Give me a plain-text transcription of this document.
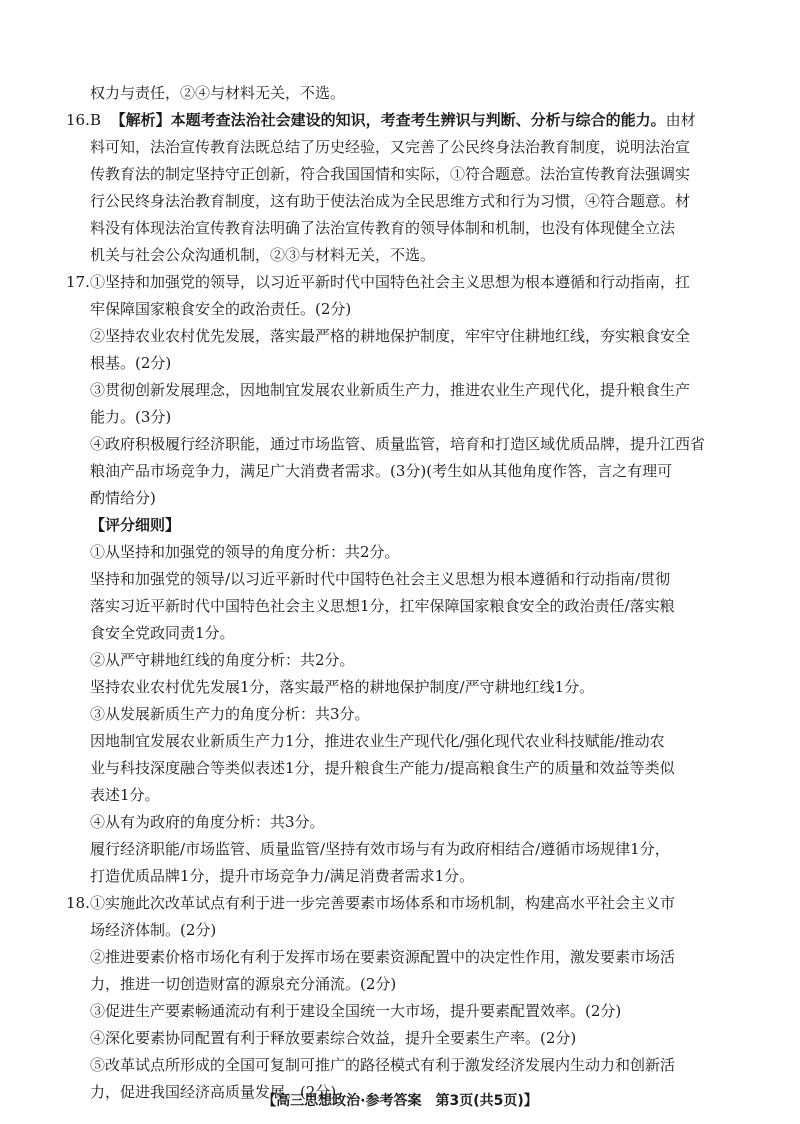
权力与责任，②④与材料无关，不选。
16.B 【解析】本题考查法治社会建设的知识，考查考生辨识与判断、分析与综合的能力。由材
料可知，法治宣传教育法既总结了历史经验，又完善了公民终身法治教育制度，说明法治宣
传教育法的制定坚持守正创新，符合我国国情和实际，①符合题意。法治宣传教育法强调实
行公民终身法治教育制度，这有助于使法治成为全民思维方式和行为习惯，④符合题意。材
料没有体现法治宣传教育法明确了法治宣传教育的领导体制和机制，也没有体现健全立法
机关与社会公众沟通机制，②③与材料无关，不选。
17.①坚持和加强党的领导，以习近平新时代中国特色社会主义思想为根本遵循和行动指南，扛
牢保障国家粮食安全的政治责任。(2分)
②坚持农业农村优先发展，落实最严格的耕地保护制度，牢牢守住耕地红线，夯实粮食安全
根基。(2分)
③贯彻创新发展理念，因地制宜发展农业新质生产力，推进农业生产现代化，提升粮食生产
能力。(3分)
④政府积极履行经济职能，通过市场监管、质量监管，培育和打造区域优质品牌，提升江西省
粮油产品市场竞争力，满足广大消费者需求。(3分)(考生如从其他角度作答，言之有理可
酌情给分)
【评分细则】
①从坚持和加强党的领导的角度分析：共2分。
坚持和加强党的领导/以习近平新时代中国特色社会主义思想为根本遵循和行动指南/贯彻
落实习近平新时代中国特色社会主义思想1分，扛牢保障国家粮食安全的政治责任/落实粮
食安全党政同责1分。
②从严守耕地红线的角度分析：共2分。
坚持农业农村优先发展1分，落实最严格的耕地保护制度/严守耕地红线1分。
③从发展新质生产力的角度分析：共3分。
因地制宜发展农业新质生产力1分，推进农业生产现代化/强化现代农业科技赋能/推动农
业与科技深度融合等类似表述1分，提升粮食生产能力/提高粮食生产的质量和效益等类似
表述1分。
④从有为政府的角度分析：共3分。
履行经济职能/市场监管、质量监管/坚持有效市场与有为政府相结合/遵循市场规律1分，
打造优质品牌1分，提升市场竞争力/满足消费者需求1分。
18.①实施此次改革试点有利于进一步完善要素市场体系和市场机制，构建高水平社会主义市
场经济体制。(2分)
②推进要素价格市场化有利于发挥市场在要素资源配置中的决定性作用，激发要素市场活
力，推进一切创造财富的源泉充分涌流。(2分)
③促进生产要素畅通流动有利于建设全国统一大市场，提升要素配置效率。(2分)
④深化要素协同配置有利于释放要素综合效益，提升全要素生产率。(2分)
⑤改革试点所形成的全国可复制可推广的路径模式有利于激发经济发展内生动力和创新活
力，促进我国经济高质量发展。(2分)
【高三思想政治·参考答案　第3页(共5页)】
